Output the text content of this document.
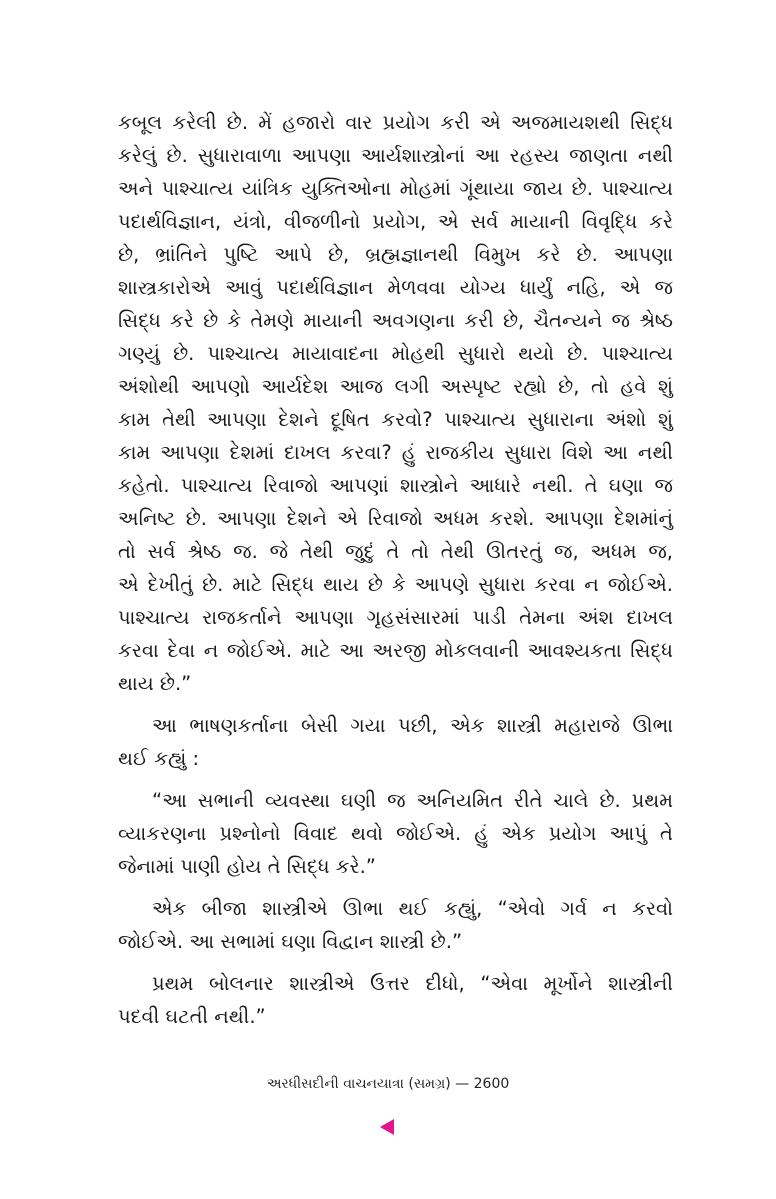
કબૂલ કરેલી છે. મેં હજારો વાર પ્રયોગ કરી એ અજમાયશથી સિદ્ધ
કરેલું છે. સુધારાવાળા આપણા આર્યશાસ્ત્રોનાં આ રહસ્ય જાણતા નથી
અને પાશ્ચાત્ય યાંત્રિક યુક્તિઓના મોહમાં ગૂંથાયા જાય છે. પાશ્ચાત્ય
પદાર્થવિજ્ઞાન, યંત્રો, વીજળીનો પ્રયોગ, એ સર્વ માયાની વિવૃદ્ધિ કરે
છે, ભ્રાંતિને પુષ્ટિ આપે છે, બ્રહ્મજ્ઞાનથી વિમુખ કરે છે. આપણા
શાસ્ત્રકારોએ આવું પદાર્થવિજ્ઞાન મેળવવા યોગ્ય ધાર્યું નહિ, એ જ
સિદ્ધ કરે છે કે તેમણે માયાની અવગણના કરી છે, ચૈતન્યને જ શ્રેષ્ઠ
ગણ્યું છે. પાશ્ચાત્ય માયાવાદના મોહથી સુધારો થયો છે. પાશ્ચાત્ય
અંશોથી આપણો આર્યદેશ આજ લગી અસ્પૃષ્ટ રહ્યો છે, તો હવે શું
કામ તેથી આપણા દેશને દૂષિત કરવો? પાશ્ચાત્ય સુધારાના અંશો શું
કામ આપણા દેશમાં દાખલ કરવા? હું રાજકીય સુધારા વિશે આ નથી
કહેતો. પાશ્ચાત્ય રિવાજો આપણાં શાસ્ત્રોને આધારે નથી. તે ઘણા જ
અનિષ્ટ છે. આપણા દેશને એ રિવાજો અધમ કરશે. આપણા દેશમાંનું
તો સર્વ શ્રેષ્ઠ જ. જે તેથી જુદું તે તો તેથી ઊતરતું જ, અધમ જ,
એ દેખીતું છે. માટે સિદ્ધ થાય છે કે આપણે સુધારા કરવા ન જોઈએ.
પાશ્ચાત્ય રાજકર્તાને આપણા ગૃહસંસારમાં પાડી તેમના અંશ દાખલ
કરવા દેવા ન જોઈએ. માટે આ અરજી મોકલવાની આવશ્યકતા સિદ્ધ
થાય છે.”
આ ભાષણકર્તાના બેસી ગયા પછી, એક શાસ્ત્રી મહારાજે ઊભા
થઈ કહ્યું :
“આ સભાની વ્યવસ્થા ઘણી જ અનિયમિત રીતે ચાલે છે. પ્રથમ
વ્યાકરણના પ્રશ્નોનો વિવાદ થવો જોઈએ. હું એક પ્રયોગ આપું તે
જેનામાં પાણી હોય તે સિદ્ધ કરે.”
એક બીજા શાસ્ત્રીએ ઊભા થઈ કહ્યું, “એવો ગર્વ ન કરવો
જોઈએ. આ સભામાં ઘણા વિદ્વાન શાસ્ત્રી છે.”
પ્રથમ બોલનાર શાસ્ત્રીએ ઉત્તર દીધો, “એવા મૂર્ખોને શાસ્ત્રીની
પદવી ઘટતી નથી.”
અરધીસદીની વાચનયાત્રા (સમગ્ર) — 2600
